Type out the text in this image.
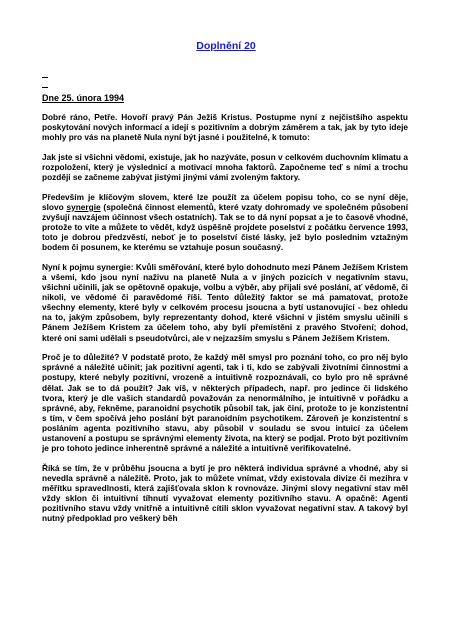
Doplnění 20
Dne 25. února 1994

Dobré ráno, Petře. Hovoří pravý Pán Ježiš Kristus. Postupme nyní z nejčistšího aspektu poskytování nových informací a idejí s pozitivním a dobrým záměrem a tak, jak by tyto ideje mohly pro vás na planetě Nula nyní být jasné i použitelné, k tomuto:

Jak jste si všichni vědomi, existuje, jak ho nazýváte, posun v celkovém duchovním klimatu a rozpoložení, který je výslednicí a motivací mnoha faktorů. Započneme teď s ními a trochu později se začneme zabývat jistými jinými vámi zvoleným faktory.

Především je klíčovým slovem, které lze použít za účelem popisu toho, co se nyní děje, slovo synergie (společná činnost elementů, které vzaty dohromady ve společném působení zvyšují navzájem účinnost všech ostatních). Tak se to dá nyní popsat a je to časově vhodné, protože to víte a můžete to vědět, když úspěšně projdete poselství z počátku července 1993, toto je dobrou předzvěstí, neboť je to poselství čisté lásky, jež bylo poslednim vztažným bodem či posunem, ke kterému se vztahuje posun současný.

Nyní k pojmu synergie: Kvůli směřování, které bylo dohodnuto mezi Pánem Ježíšem Kristem a všemi, kdo jsou nyní naživu na planetě Nula a v jiných pozicích v negativním stavu, všichni učinili, jak se opětovně opakuje, volbu a výběr, aby přijali své poslání, ať vědomě, či nikoli, ve vědomé či paravědomé říši. Tento důležitý faktor se má pamatovat, protože všechny elementy, které byly v celkovém procesu jsoucna a bytí ustanovující - bez ohledu na to, jakým způsobem, byly reprezentanty dohod, které všichni v jistém smyslu učinili s Pánem Ježíšem Kristem za účelem toho, aby byli přemístěni z pravého Stvoření; dohod, které oni sami udělali s pseudotvůrci, ale v nejzazším smyslu s Pánem Ježíšem Kristem.

Proč je to důležité? V podstatě proto, že každý měl smysl pro poznání toho, co pro něj bylo správné a náležité učinit; jak pozitivní agenti, tak i ti, kdo se zabývali životními činnostmi a postupy, které nebyly pozitivní, vrozeně a intuitivně rozpoznávali, co bylo pro ně správné dělat. Jak se to dá použít? Jak víš, v některých případech, např. pro jedince či lidského tvora, který je dle vašich standardů považován za nenormálního, je intuitivně v pořádku a správné, aby, řekněme, paranoidní psychotik působil tak, jak činí, protože to je konzistentní s tím, v čem spočívá jeho poslání být paranoidním psychotikem. Zároveň je konzistentní s posláním agenta pozitivního stavu, aby působil v souladu se svou intuicí za účelem ustanovení a postupu se správnými elementy života, na který se podjal. Proto být pozitivním je pro tohoto jedince inherentně správné a náležité a intuitivně verifikovatelné.

Říká se tím, že v průběhu jsoucna a bytí je pro některá individua správné a vhodné, aby si nevedla správně a náležitě. Proto, jak to můžete vnímat, vždy existovala divize či mezihra v měřítku spravedlnosti, která zajišťovala sklon k rovnováze. Jinými slovy negativní stav měl vždy sklon či intuitivní tíhnutí vyvažovat elementy pozitivního stavu. A opačně: Agenti pozitivního stavu vždy vnitřně a intuitivně cítili sklon vyvažovat negativní stav. A takový byl nutný předpoklad pro veškerý běh
